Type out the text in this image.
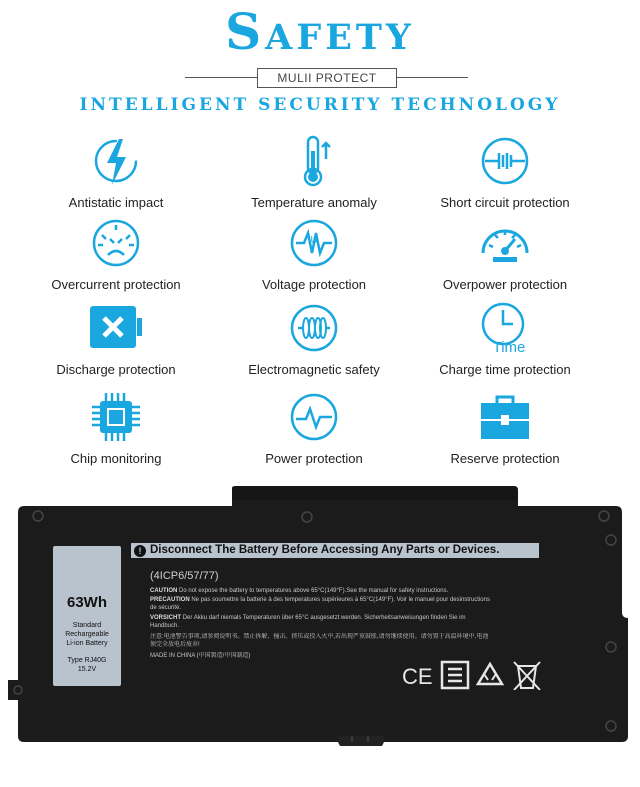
Safety
MULII PROTECT
INTELLIGENT SECURITY TECHNOLOGY
Antistatic impact	Temperature anomaly	Short circuit protection
Overcurrent protection
U
Voltage protection	Overpower protection
Discharge protection	Electromagnetic safety
Time
Charge time protection
Chip monitoring	Power protection	Reserve protection
63Wh
Standard
Rechargeable
Li-ion Battery
Type RJ40G
15.2V
! Disconnect The Battery Before Accessing Any Parts or Devices.
(4ICP6/57/77)
CAUTION Do not expose the battery to temperatures above 65°C(149°F).See the manual for safety instructions.
PRÉCAUTION Ne pas soumettre la batterie à des temperatures supérieures à 65°C(149°F). Voir le manuel pour desinstructions de sécurité.
VORSICHT Der Akku darf niemals Temperaturen über 65°C ausgesetzt werden. Sicherheitsanweisungen finden Sie im Handbuch.
注意:电池警告事项,请参阅说明书。禁止拆解、撞击、挤压或投入火中,若出现严重鼓胀,请勿继续使用。请勿置于高温环境中,电池须完全放电后废弃!
MADE IN CHINA (中国製造/中国制造)
CE
